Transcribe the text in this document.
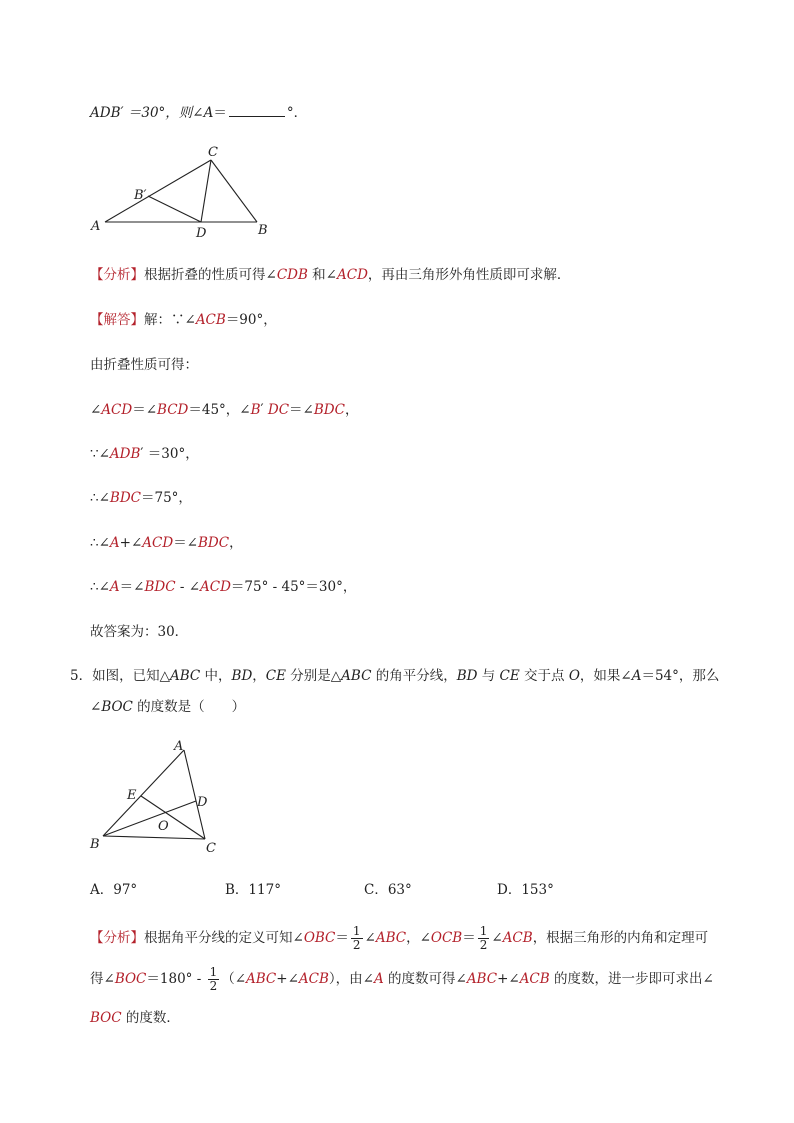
ADB′ ＝30°，则∠A＝	°．
C
B′
A	D	B
【分析】根据折叠的性质可得∠CDB 和∠ACD，再由三角形外角性质即可求解．
【解答】解：∵∠ACB＝90°，
由折叠性质可得：
∠ACD＝∠BCD＝45°，∠B′ DC＝∠BDC，
∵∠ADB′ ＝30°，
∴∠BDC＝75°，
∴∠A+∠ACD＝∠BDC，
∴∠A＝∠BDC - ∠ACD＝75° - 45°＝30°，
故答案为：30．
5．如图，已知△ABC 中，BD，CE 分别是△ABC 的角平分线，BD 与 CE 交于点 O，如果∠A＝54°，那么
∠BOC 的度数是（　　）
A
E	D
O
B	C
A．97°	B．117°	C．63°	D．153°
【分析】根据角平分线的定义可知∠OBC＝ $\frac{1}{2}$ ∠ABC，∠OCB＝ $\frac{1}{2}$ ∠ACB，根据三角形的内角和定理可
得∠BOC＝180° - $\frac{1}{2}$ （∠ABC+∠ACB），由∠A 的度数可得∠ABC+∠ACB 的度数，进一步即可求出∠
BOC 的度数．
